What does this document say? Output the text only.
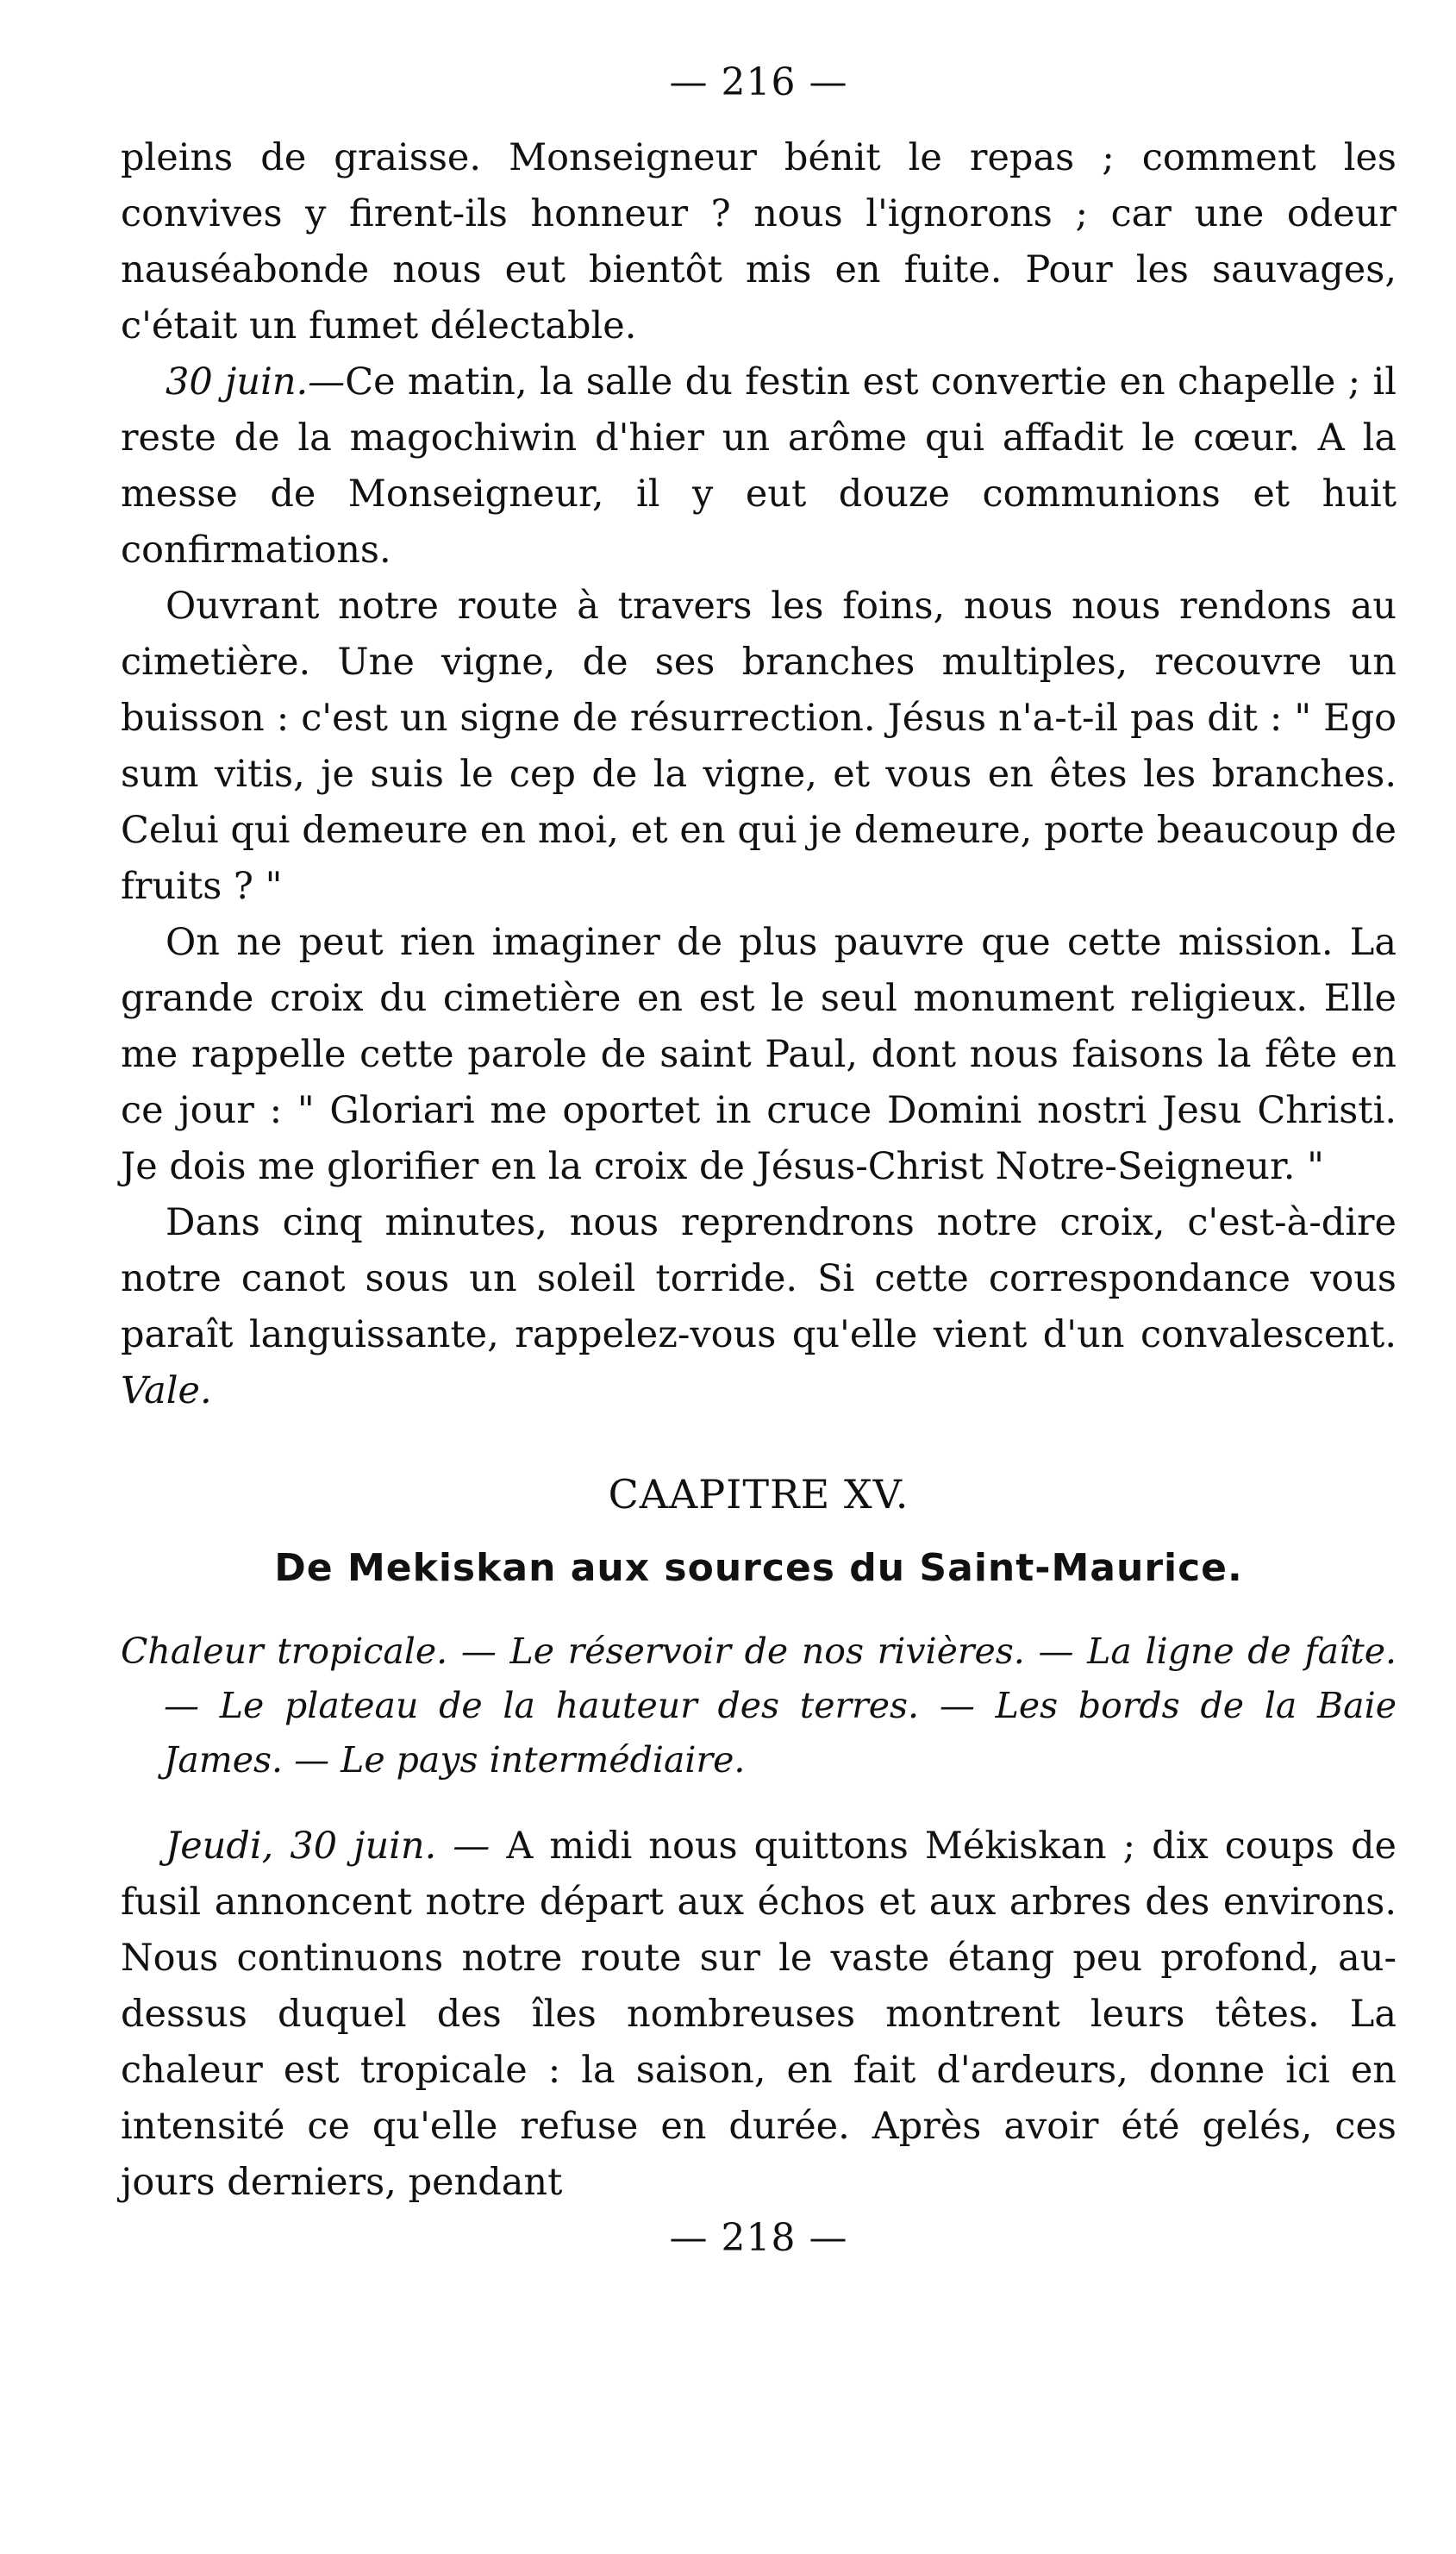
— 216 —

pleins de graisse. Monseigneur bénit le repas ; comment les convives y firent-ils honneur ? nous l'ignorons ; car une odeur nauséabonde nous eut bientôt mis en fuite. Pour les sauvages, c'était un fumet délectable.

30 juin.—Ce matin, la salle du festin est convertie en chapelle ; il reste de la magochiwin d'hier un arôme qui affadit le cœur. A la messe de Monseigneur, il y eut douze communions et huit confirmations.

Ouvrant notre route à travers les foins, nous nous rendons au cimetière. Une vigne, de ses branches multiples, recouvre un buisson : c'est un signe de résurrection. Jésus n'a-t-il pas dit : " Ego sum vitis, je suis le cep de la vigne, et vous en êtes les branches. Celui qui demeure en moi, et en qui je demeure, porte beaucoup de fruits ? "

On ne peut rien imaginer de plus pauvre que cette mission. La grande croix du cimetière en est le seul monument religieux. Elle me rappelle cette parole de saint Paul, dont nous faisons la fête en ce jour : " Gloriari me oportet in cruce Domini nostri Jesu Christi. Je dois me glorifier en la croix de Jésus-Christ Notre-Seigneur. "

Dans cinq minutes, nous reprendrons notre croix, c'est-à-dire notre canot sous un soleil torride. Si cette correspondance vous paraît languissante, rappelez-vous qu'elle vient d'un convalescent. Vale.

CAAPITRE XV.
De Mekiskan aux sources du Saint-Maurice.

Chaleur tropicale. — Le réservoir de nos rivières. — La ligne de faîte. — Le plateau de la hauteur des terres. — Les bords de la Baie James. — Le pays intermédiaire.

Jeudi, 30 juin. — A midi nous quittons Mékiskan ; dix coups de fusil annoncent notre départ aux échos et aux arbres des environs. Nous continuons notre route sur le vaste étang peu profond, au-dessus duquel des îles nombreuses montrent leurs têtes. La chaleur est tropicale : la saison, en fait d'ardeurs, donne ici en intensité ce qu'elle refuse en durée. Après avoir été gelés, ces jours derniers, pendant

— 218 —
